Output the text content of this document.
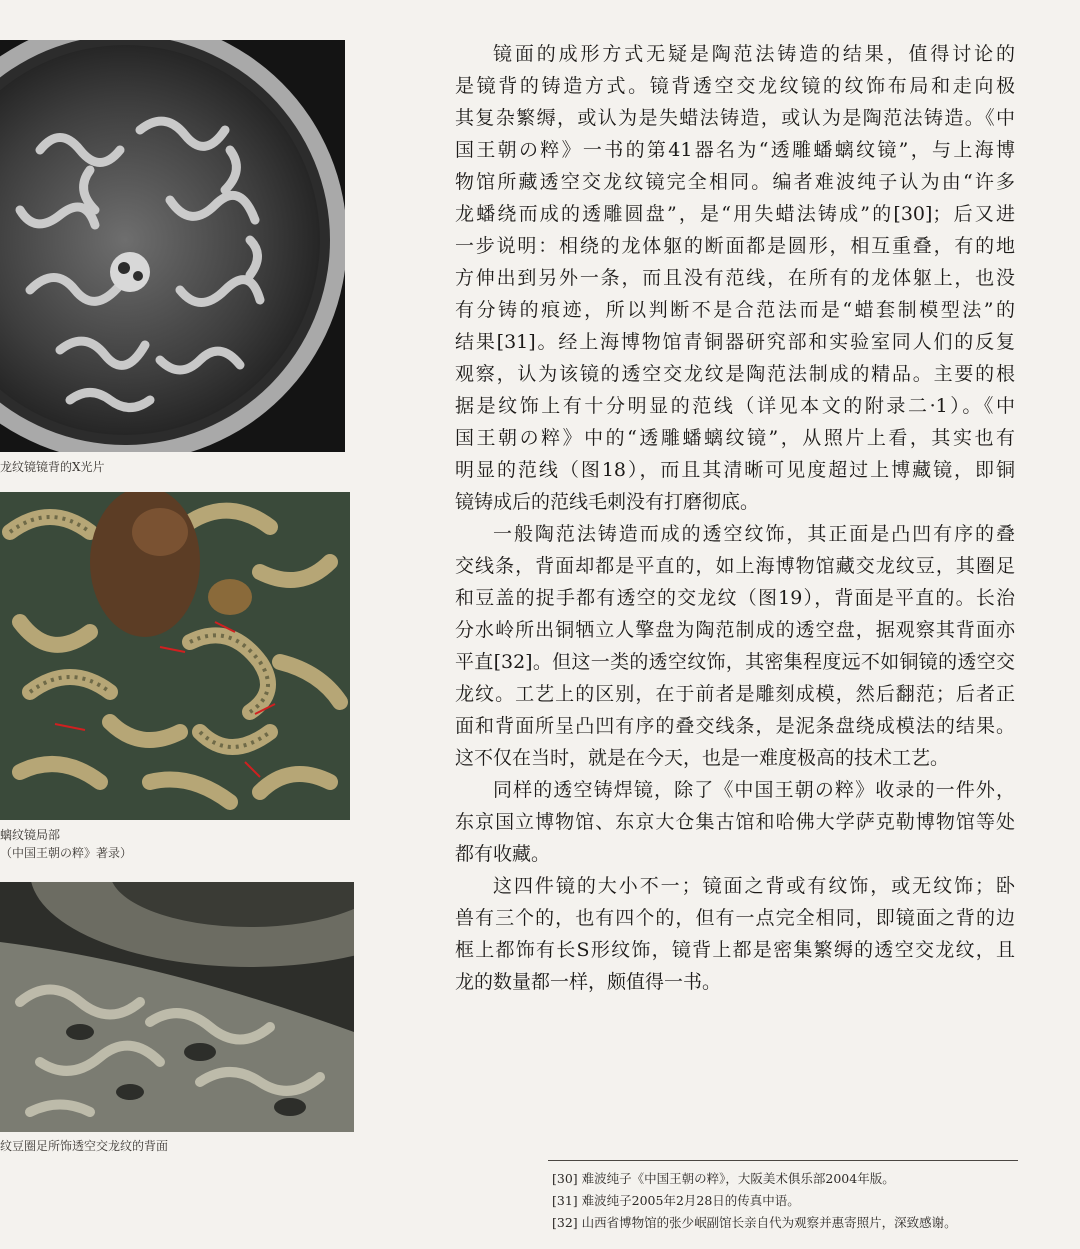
龙纹镜镜背的X光片
螭纹镜局部
（中国王朝の粹》著录）
纹豆圈足所饰透空交龙纹的背面
镜面的成形方式无疑是陶范法铸造的结果，值得讨论的
是镜背的铸造方式。镜背透空交龙纹镜的纹饰布局和走向极
其复杂繁缛，或认为是失蜡法铸造，或认为是陶范法铸造。《中
国王朝の粹》一书的第41器名为“透雕蟠螭纹镜”，与上海博
物馆所藏透空交龙纹镜完全相同。编者难波纯子认为由“许多
龙蟠绕而成的透雕圆盘”，是“用失蜡法铸成”的[30]；后又进
一步说明：相绕的龙体躯的断面都是圆形，相互重叠，有的地
方伸出到另外一条，而且没有范线，在所有的龙体躯上，也没
有分铸的痕迹，所以判断不是合范法而是“蜡套制模型法”的
结果[31]。经上海博物馆青铜器研究部和实验室同人们的反复
观察，认为该镜的透空交龙纹是陶范法制成的精品。主要的根
据是纹饰上有十分明显的范线（详见本文的附录二·1）。《中
国王朝の粹》中的“透雕蟠螭纹镜”，从照片上看，其实也有
明显的范线（图18），而且其清晰可见度超过上博藏镜，即铜
镜铸成后的范线毛刺没有打磨彻底。
一般陶范法铸造而成的透空纹饰，其正面是凸凹有序的叠
交线条，背面却都是平直的，如上海博物馆藏交龙纹豆，其圈足
和豆盖的捉手都有透空的交龙纹（图19），背面是平直的。长治
分水岭所出铜牺立人擎盘为陶范制成的透空盘，据观察其背面亦
平直[32]。但这一类的透空纹饰，其密集程度远不如铜镜的透空交
龙纹。工艺上的区别，在于前者是雕刻成模，然后翻范；后者正
面和背面所呈凸凹有序的叠交线条，是泥条盘绕成模法的结果。
这不仅在当时，就是在今天，也是一难度极高的技术工艺。
同样的透空铸焊镜，除了《中国王朝の粹》收录的一件外，
东京国立博物馆、东京大仓集古馆和哈佛大学萨克勒博物馆等处
都有收藏。
这四件镜的大小不一；镜面之背或有纹饰，或无纹饰；卧
兽有三个的，也有四个的，但有一点完全相同，即镜面之背的边
框上都饰有长S形纹饰，镜背上都是密集繁缛的透空交龙纹，且
龙的数量都一样，颇值得一书。
[30] 难波纯子《中国王朝の粹》，大阪美术俱乐部2004年版。
[31] 难波纯子2005年2月28日的传真中语。
[32] 山西省博物馆的张少岷副馆长亲自代为观察并惠寄照片，深致感谢。
